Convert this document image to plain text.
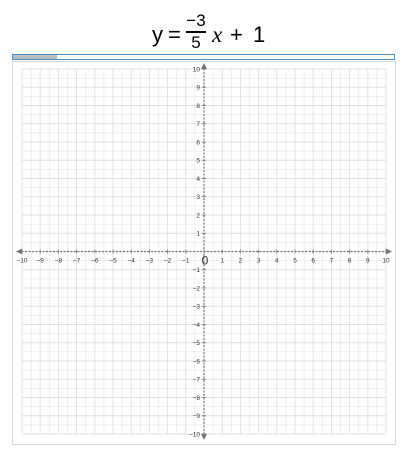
y =
−3
5 x + 1
−10 −9 −8 −7 −6 −5 −4 −3 −2 −1 0 1 2 3 4 5 6 7 8 9 10
−10
−9
−8
−7
−6
−5
−4
−3
−2
−1
1
2
3
4
5
6
7
8
9
10
